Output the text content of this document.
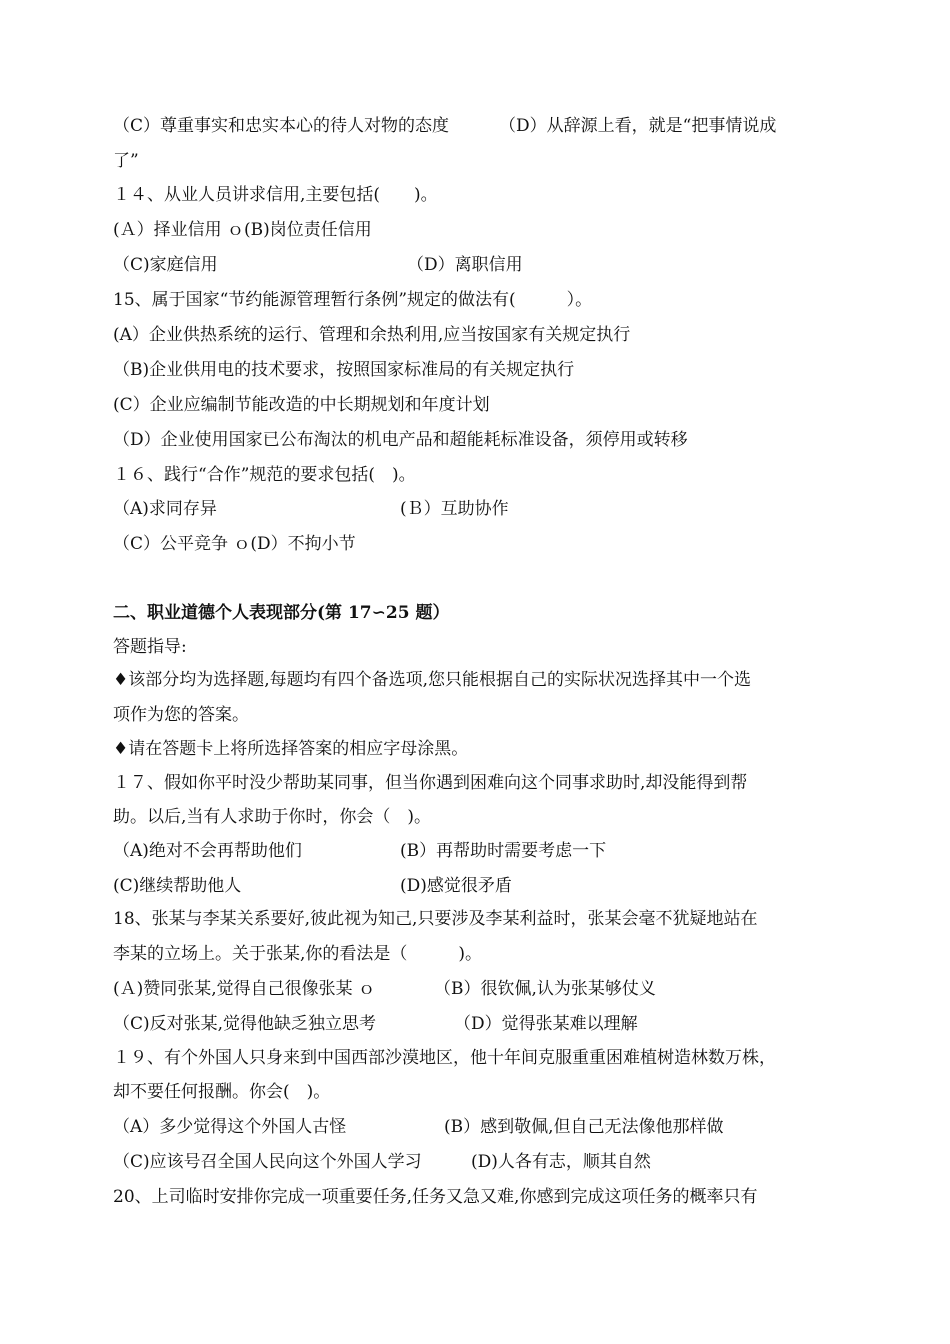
（C）尊重事实和忠实本心的待人对物的态度	（D）从辞源上看，就是“把事情说成
了”
１４、从业人员讲求信用,主要包括(　　)。
(Ａ）择业信用 ｏ(B)岗位责任信用
（C)家庭信用	（D）离职信用
15、属于国家“节约能源管理暂行条例”规定的做法有(　　　）。
(A）企业供热系统的运行、管理和余热利用,应当按国家有关规定执行
（B)企业供用电的技术要求，按照国家标准局的有关规定执行
(C）企业应编制节能改造的中长期规划和年度计划
（D）企业使用国家已公布淘汰的机电产品和超能耗标准设备，须停用或转移
１６、践行“合作”规范的要求包括(　)。
（A)求同存异	(Ｂ）互助协作
（C）公平竞争 ｏ(D）不拘小节
二、职业道德个人表现部分(第 17∽25 题）
答题指导:
♦该部分均为选择题,每题均有四个备选项,您只能根据自己的实际状况选择其中一个选
项作为您的答案。
♦请在答题卡上将所选择答案的相应字母涂黑。
１７、假如你平时没少帮助某同事，但当你遇到困难向这个同事求助时,却没能得到帮
助。以后,当有人求助于你时，你会（　)。
（A)绝对不会再帮助他们	(B）再帮助时需要考虑一下
(C)继续帮助他人	(D)感觉很矛盾
18、张某与李某关系要好,彼此视为知己,只要涉及李某利益时，张某会毫不犹疑地站在
李某的立场上。关于张某,你的看法是（　　　)。
(Ａ)赞同张某,觉得自己很像张某 ｏ	（B）很钦佩,认为张某够仗义
（C)反对张某,觉得他缺乏独立思考	（D）觉得张某难以理解
１９、有个外国人只身来到中国西部沙漠地区，他十年间克服重重困难植树造林数万株，
却不要任何报酬。你会(　)。
（A）多少觉得这个外国人古怪	(B）感到敬佩,但自己无法像他那样做
（C)应该号召全国人民向这个外国人学习	(D)人各有志，顺其自然
20、上司临时安排你完成一项重要任务,任务又急又难,你感到完成这项任务的概率只有
